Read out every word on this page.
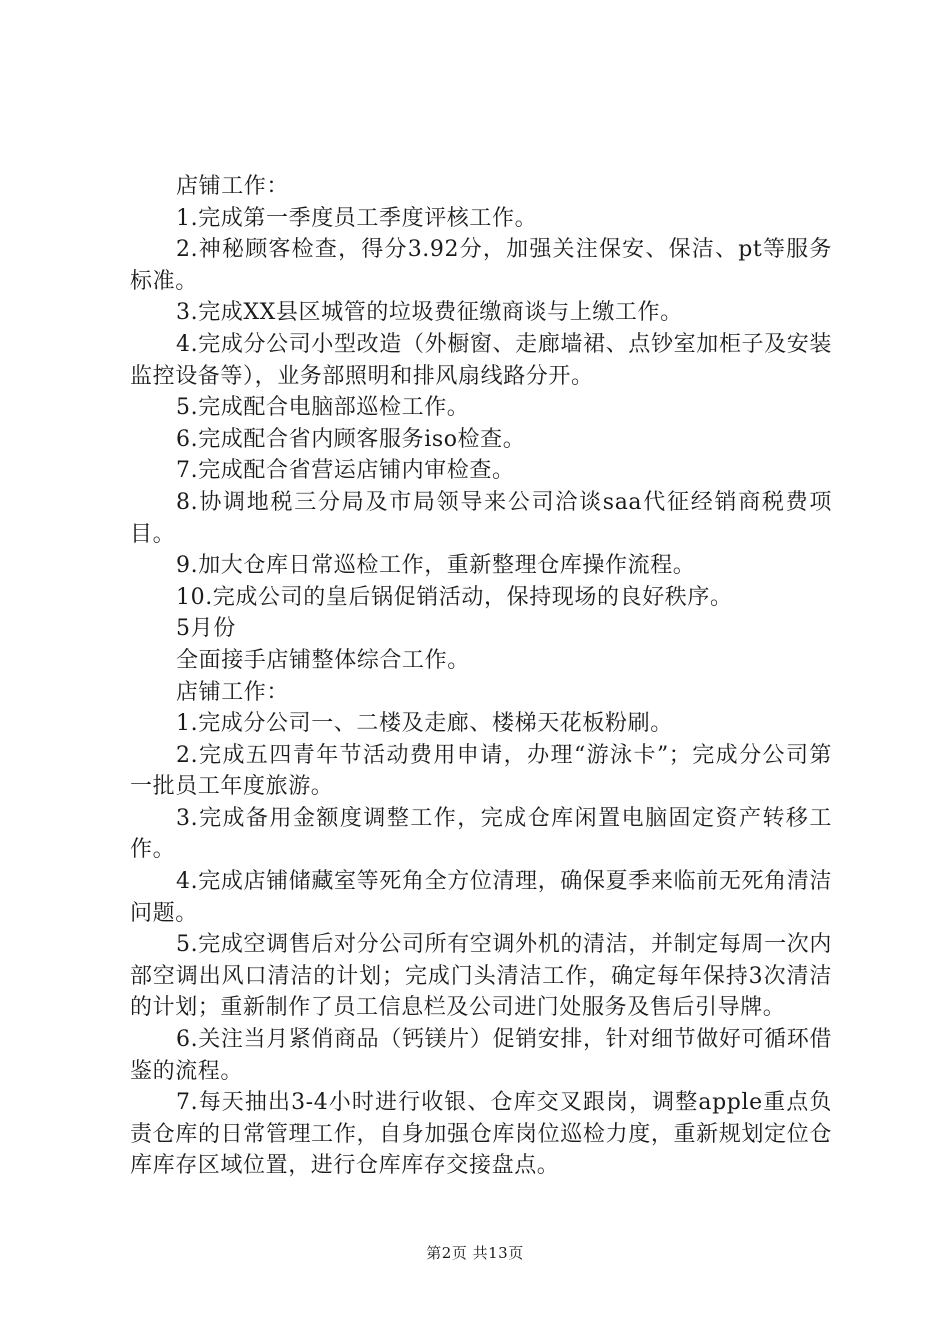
店铺工作：

1.完成第一季度员工季度评核工作。

2.神秘顾客检查，得分3.92分，加强关注保安、保洁、pt等服务标准。

3.完成XX县区城管的垃圾费征缴商谈与上缴工作。

4.完成分公司小型改造（外橱窗、走廊墙裙、点钞室加柜子及安装监控设备等），业务部照明和排风扇线路分开。

5.完成配合电脑部巡检工作。

6.完成配合省内顾客服务iso检查。

7.完成配合省营运店铺内审检查。

8.协调地税三分局及市局领导来公司洽谈saa代征经销商税费项目。

9.加大仓库日常巡检工作，重新整理仓库操作流程。

10.完成公司的皇后锅促销活动，保持现场的良好秩序。

5月份

全面接手店铺整体综合工作。

店铺工作：

1.完成分公司一、二楼及走廊、楼梯天花板粉刷。

2.完成五四青年节活动费用申请，办理“游泳卡”；完成分公司第一批员工年度旅游。

3.完成备用金额度调整工作，完成仓库闲置电脑固定资产转移工作。

4.完成店铺储藏室等死角全方位清理，确保夏季来临前无死角清洁问题。

5.完成空调售后对分公司所有空调外机的清洁，并制定每周一次内部空调出风口清洁的计划；完成门头清洁工作，确定每年保持3次清洁的计划；重新制作了员工信息栏及公司进门处服务及售后引导牌。

6.关注当月紧俏商品（钙镁片）促销安排，针对细节做好可循环借鉴的流程。

7.每天抽出3-4小时进行收银、仓库交叉跟岗，调整apple重点负责仓库的日常管理工作，自身加强仓库岗位巡检力度，重新规划定位仓库库存区域位置，进行仓库库存交接盘点。

第2页 共13页
